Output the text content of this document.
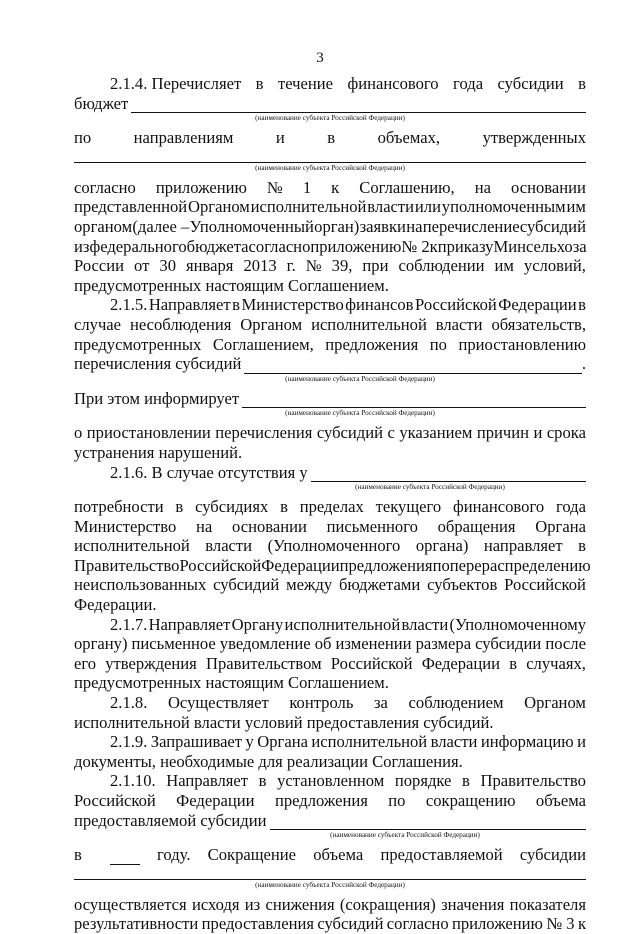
3
2.1.4. Перечисляет в течение финансового года субсидии в
бюджет
(наименование субъекта Российской Федерации)
по	направлениям	и	в	объемах,	утвержденных
(наименование субъекта Российской Федерации)
согласно приложению № 1 к Соглашению, на основании
представленной Органом исполнительной власти или уполномоченным им
органом (далее – Уполномоченный орган) заявки на перечисление субсидий
из федерального бюджета согласно приложению № 2 к приказу Минсельхоза
России от 30 января 2013 г. № 39, при соблюдении им условий,
предусмотренных настоящим Соглашением.
2.1.5. Направляет в Министерство финансов Российской Федерации в
случае несоблюдения Органом исполнительной власти обязательств,
предусмотренных Соглашением, предложения по приостановлению
перечисления субсидий	.
(наименование субъекта Российской Федерации)
При этом информирует
(наименование субъекта Российской Федерации)
о приостановлении перечисления субсидий с указанием причин и срока
устранения нарушений.
2.1.6. В случае отсутствия у
(наименование субъекта Российской Федерации)
потребности в субсидиях в пределах текущего финансового года
Министерство на основании письменного обращения Органа
исполнительной власти (Уполномоченного органа) направляет в
Правительство Российской Федерации предложения по перераспределению
неиспользованных субсидий между бюджетами субъектов Российской
Федерации.
2.1.7. Направляет Органу исполнительной власти (Уполномоченному
органу) письменное уведомление об изменении размера субсидии после
его утверждения Правительством Российской Федерации в случаях,
предусмотренных настоящим Соглашением.
2.1.8. Осуществляет контроль за соблюдением Органом
исполнительной власти условий предоставления субсидий.
2.1.9. Запрашивает у Органа исполнительной власти информацию и
документы, необходимые для реализации Соглашения.
2.1.10. Направляет в установленном порядке в Правительство
Российской Федерации предложения по сокращению объема
предоставляемой субсидии
(наименование субъекта Российской Федерации)
в	году. Сокращение объема предоставляемой субсидии
(наименование субъекта Российской Федерации)
осуществляется исходя из снижения (сокращения) значения показателя
результативности предоставления субсидий согласно приложению № 3 к
